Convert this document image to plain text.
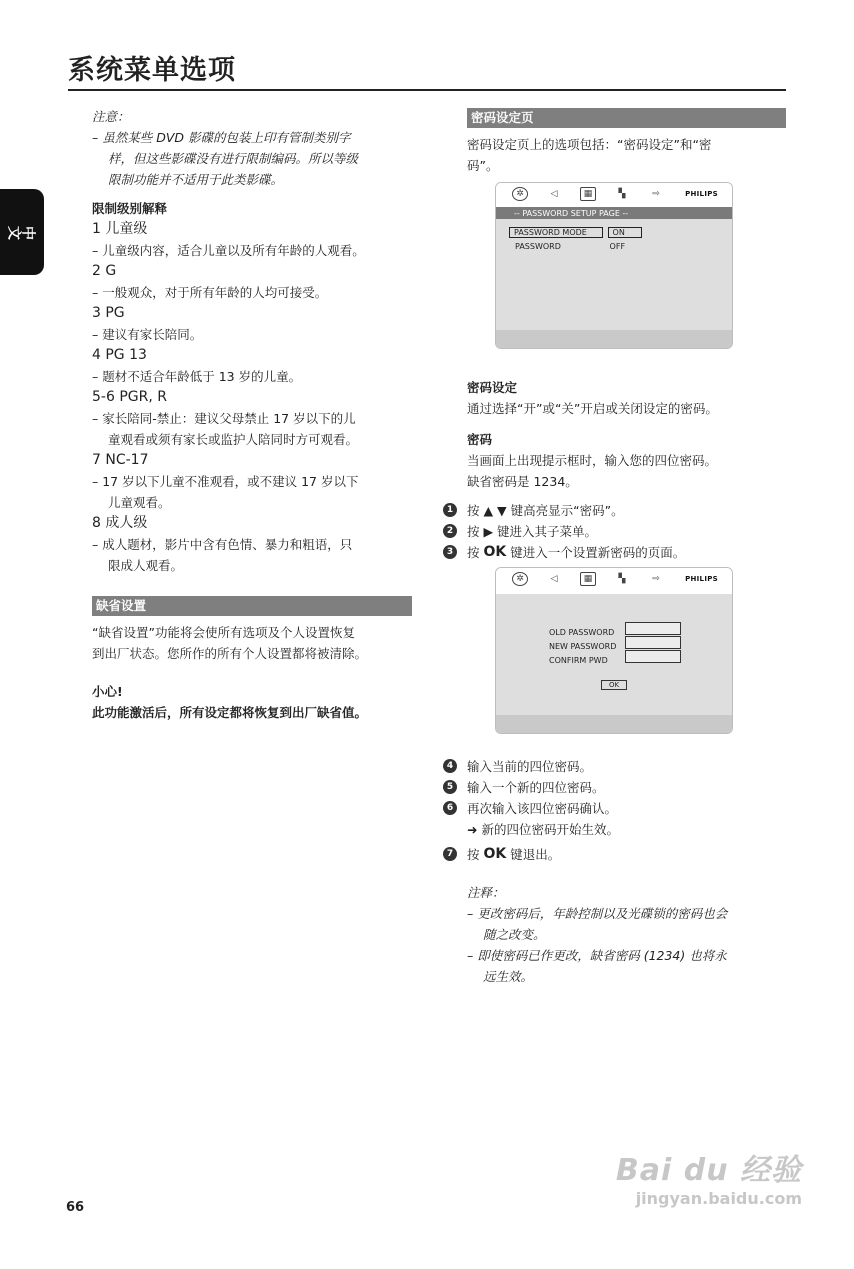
系统菜单选项
中文
注意：
– 虽然某些 DVD 影碟的包装上印有管制类别字
样，但这些影碟没有进行限制编码。所以等级
限制功能并不适用于此类影碟。
限制级别解释
1 儿童级
– 儿童级内容，适合儿童以及所有年龄的人观看。
2 G
– 一般观众，对于所有年龄的人均可接受。
3 PG
– 建议有家长陪同。
4 PG 13
– 题材不适合年龄低于 13 岁的儿童。
5-6 PGR, R
– 家长陪同-禁止：建议父母禁止 17 岁以下的儿
童观看或须有家长或监护人陪同时方可观看。
7 NC-17
– 17 岁以下儿童不准观看，或不建议 17 岁以下
儿童观看。
8 成人级
– 成人题材，影片中含有色情、暴力和粗语，只
限成人观看。
缺省设置
“缺省设置”功能将会使所有选项及个人设置恢复
到出厂状态。您所作的所有个人设置都将被清除。
小心!
此功能激活后，所有设定都将恢复到出厂缺省值。
密码设定页
密码设定页上的选项包括：“密码设定”和“密
码”。
✲	◁	▦	▚	⇨	PHILIPS
-- PASSWORD SETUP PAGE --
PASSWORD MODE	ON
PASSWORD	OFF
密码设定
通过选择“开”或“关”开启或关闭设定的密码。
密码
当画面上出现提示框时，输入您的四位密码。
缺省密码是 1234。
1	按 ▲ ▼ 键高亮显示“密码”。
2	按 ▶ 键进入其子菜单。
3	按
OK
键进入一个设置新密码的页面。
✲	◁	▦	▚	⇨	PHILIPS
OLD PASSWORD
NEW PASSWORD
CONFIRM PWD
OK
4	输入当前的四位密码。
5	输入一个新的四位密码。
6	再次输入该四位密码确认。
➜ 新的四位密码开始生效。
7	按
OK
键退出。
注释：
– 更改密码后，年龄控制以及光碟锁的密码也会
随之改变。
– 即使密码已作更改，缺省密码 (1234) 也将永
远生效。
66
Bai du 经验
jingyan.baidu.com
